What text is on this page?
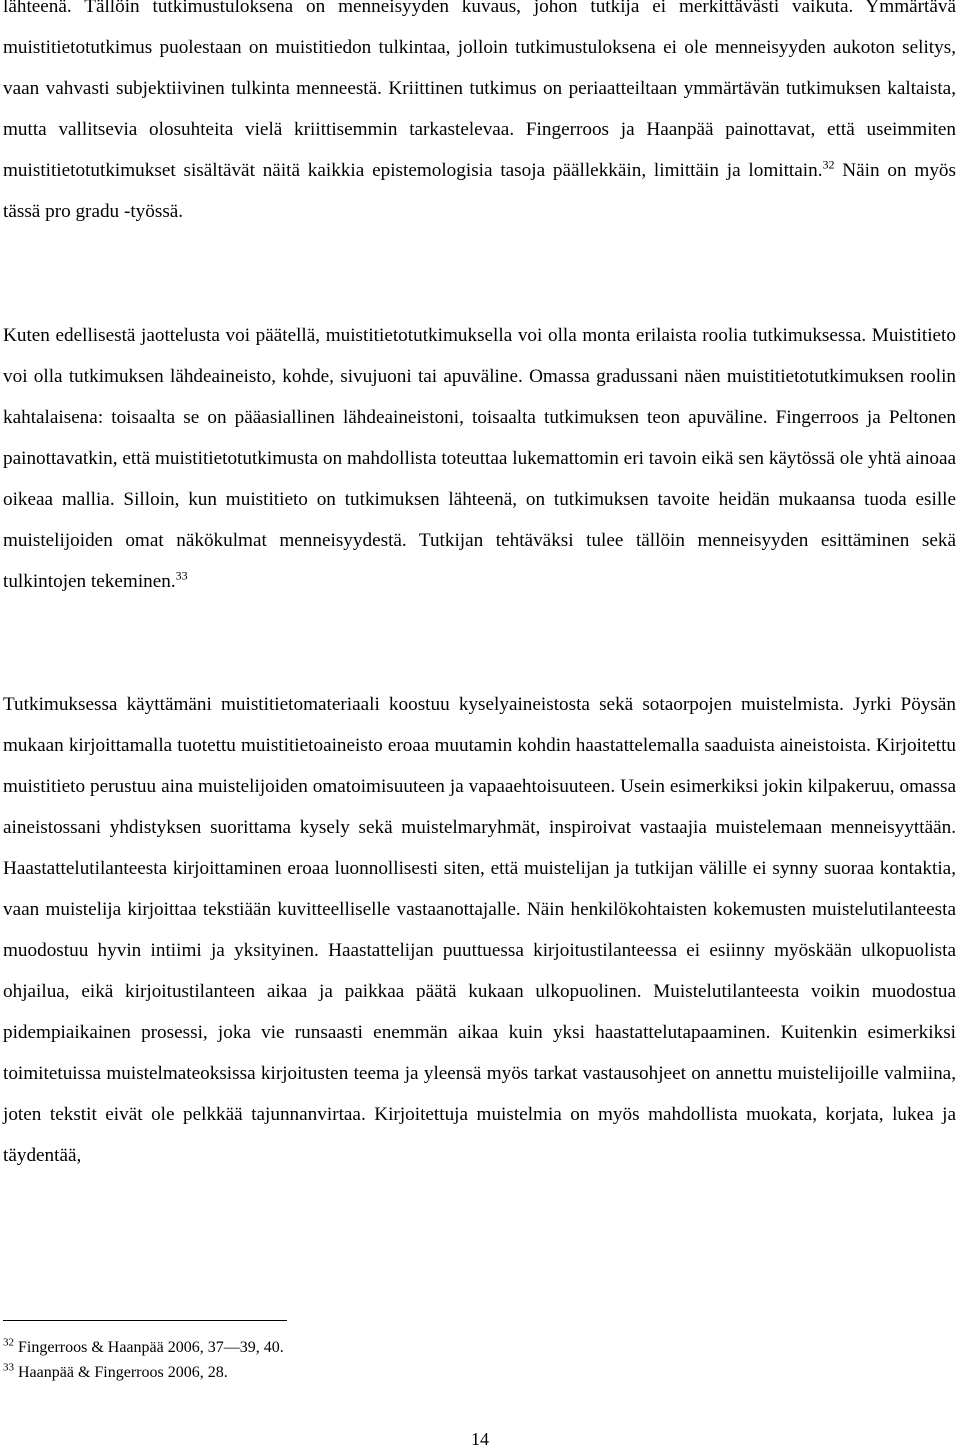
lähteenä. Tällöin tutkimustuloksena on menneisyyden kuvaus, johon tutkija ei merkittävästi vaikuta. Ymmärtävä muistitietotutkimus puolestaan on muistitiedon tulkintaa, jolloin tutkimustuloksena ei ole menneisyyden aukoton selitys, vaan vahvasti subjektiivinen tulkinta menneestä. Kriittinen tutkimus on periaatteiltaan ymmärtävän tutkimuksen kaltaista, mutta vallitsevia olosuhteita vielä kriittisemmin tarkastelevaa. Fingerroos ja Haanpää painottavat, että useimmiten muistitietotutkimukset sisältävät näitä kaikkia epistemologisia tasoja päällekkäin, limittäin ja lomittain.$^{32}$ Näin on myös tässä pro gradu -työssä.

Kuten edellisestä jaottelusta voi päätellä, muistitietotutkimuksella voi olla monta erilaista roolia tutkimuksessa. Muistitieto voi olla tutkimuksen lähdeaineisto, kohde, sivujuoni tai apuväline. Omassa gradussani näen muistitietotutkimuksen roolin kahtalaisena: toisaalta se on pääasiallinen lähdeaineistoni, toisaalta tutkimuksen teon apuväline. Fingerroos ja Peltonen painottavatkin, että muistitietotutkimusta on mahdollista toteuttaa lukemattomin eri tavoin eikä sen käytössä ole yhtä ainoaa oikeaa mallia. Silloin, kun muistitieto on tutkimuksen lähteenä, on tutkimuksen tavoite heidän mukaansa tuoda esille muistelijoiden omat näkökulmat menneisyydestä. Tutkijan tehtäväksi tulee tällöin menneisyyden esittäminen sekä tulkintojen tekeminen.$^{33}$

Tutkimuksessa käyttämäni muistitietomateriaali koostuu kyselyaineistosta sekä sotaorpojen muistelmista. Jyrki Pöysän mukaan kirjoittamalla tuotettu muistitietoaineisto eroaa muutamin kohdin haastattelemalla saaduista aineistoista. Kirjoitettu muistitieto perustuu aina muistelijoiden omatoimisuuteen ja vapaaehtoisuuteen. Usein esimerkiksi jokin kilpakeruu, omassa aineistossani yhdistyksen suorittama kysely sekä muistelmaryhmät, inspiroivat vastaajia muistelemaan menneisyyttään. Haastattelutilanteesta kirjoittaminen eroaa luonnollisesti siten, että muistelijan ja tutkijan välille ei synny suoraa kontaktia, vaan muistelija kirjoittaa tekstiään kuvitteelliselle vastaanottajalle. Näin henkilökohtaisten kokemusten muistelutilanteesta muodostuu hyvin intiimi ja yksityinen. Haastattelijan puuttuessa kirjoitustilanteessa ei esiinny myöskään ulkopuolista ohjailua, eikä kirjoitustilanteen aikaa ja paikkaa päätä kukaan ulkopuolinen. Muistelutilanteesta voikin muodostua pidempiaikainen prosessi, joka vie runsaasti enemmän aikaa kuin yksi haastattelutapaaminen. Kuitenkin esimerkiksi toimitetuissa muistelmateoksissa kirjoitusten teema ja yleensä myös tarkat vastausohjeet on annettu muistelijoille valmiina, joten tekstit eivät ole pelkkää tajunnanvirtaa. Kirjoitettuja muistelmia on myös mahdollista muokata, korjata, lukea ja täydentää,

$^{32}$ Fingerroos & Haanpää 2006, 37—39, 40.

$^{33}$ Haanpää & Fingerroos 2006, 28.

14
